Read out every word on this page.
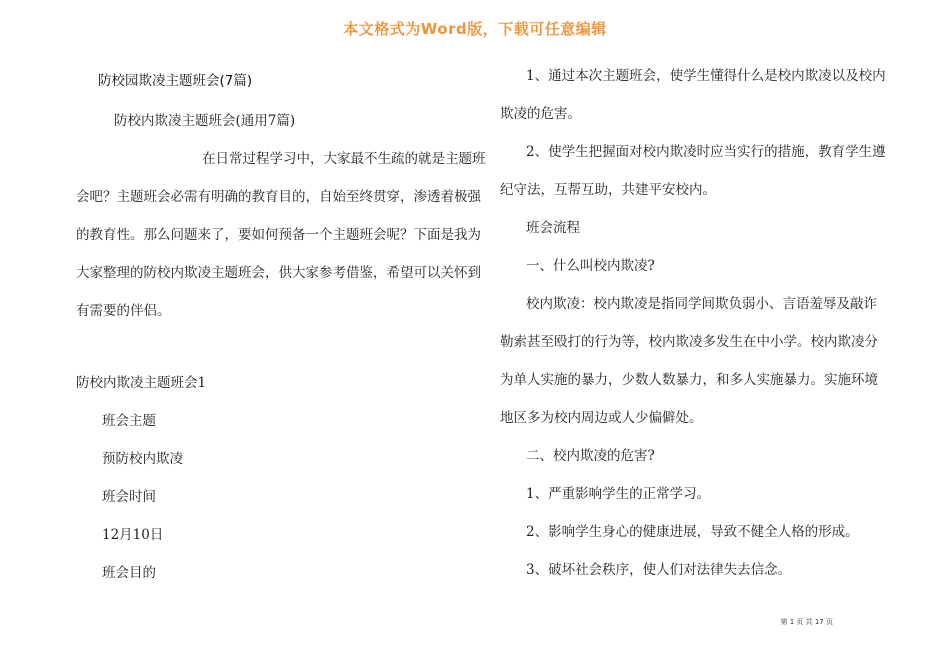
本文格式为Word版，下载可任意编辑
防校园欺凌主题班会(7篇)
防校内欺凌主题班会(通用7篇)
在日常过程学习中，大家最不生疏的就是主题班会吧？主题班会必需有明确的教育目的，自始至终贯穿，渗透着极强的教育性。那么问题来了，要如何预备一个主题班会呢？下面是我为大家整理的防校内欺凌主题班会，供大家参考借鉴，希望可以关怀到有需要的伴侣。
防校内欺凌主题班会1
班会主题
预防校内欺凌
班会时间
12月10日
班会目的
1、通过本次主题班会，使学生懂得什么是校内欺凌以及校内欺凌的危害。
2、使学生把握面对校内欺凌时应当实行的措施，教育学生遵纪守法，互帮互助，共建平安校内。
班会流程
一、什么叫校内欺凌?
校内欺凌：校内欺凌是指同学间欺负弱小、言语羞辱及敲诈勒索甚至殴打的行为等，校内欺凌多发生在中小学。校内欺凌分为单人实施的暴力，少数人数暴力，和多人实施暴力。实施环境地区多为校内周边或人少偏僻处。
二、校内欺凌的危害?
1、严重影响学生的正常学习。
2、影响学生身心的健康进展，导致不健全人格的形成。
3、破坏社会秩序，使人们对法律失去信念。
第 1 页 共 17 页
